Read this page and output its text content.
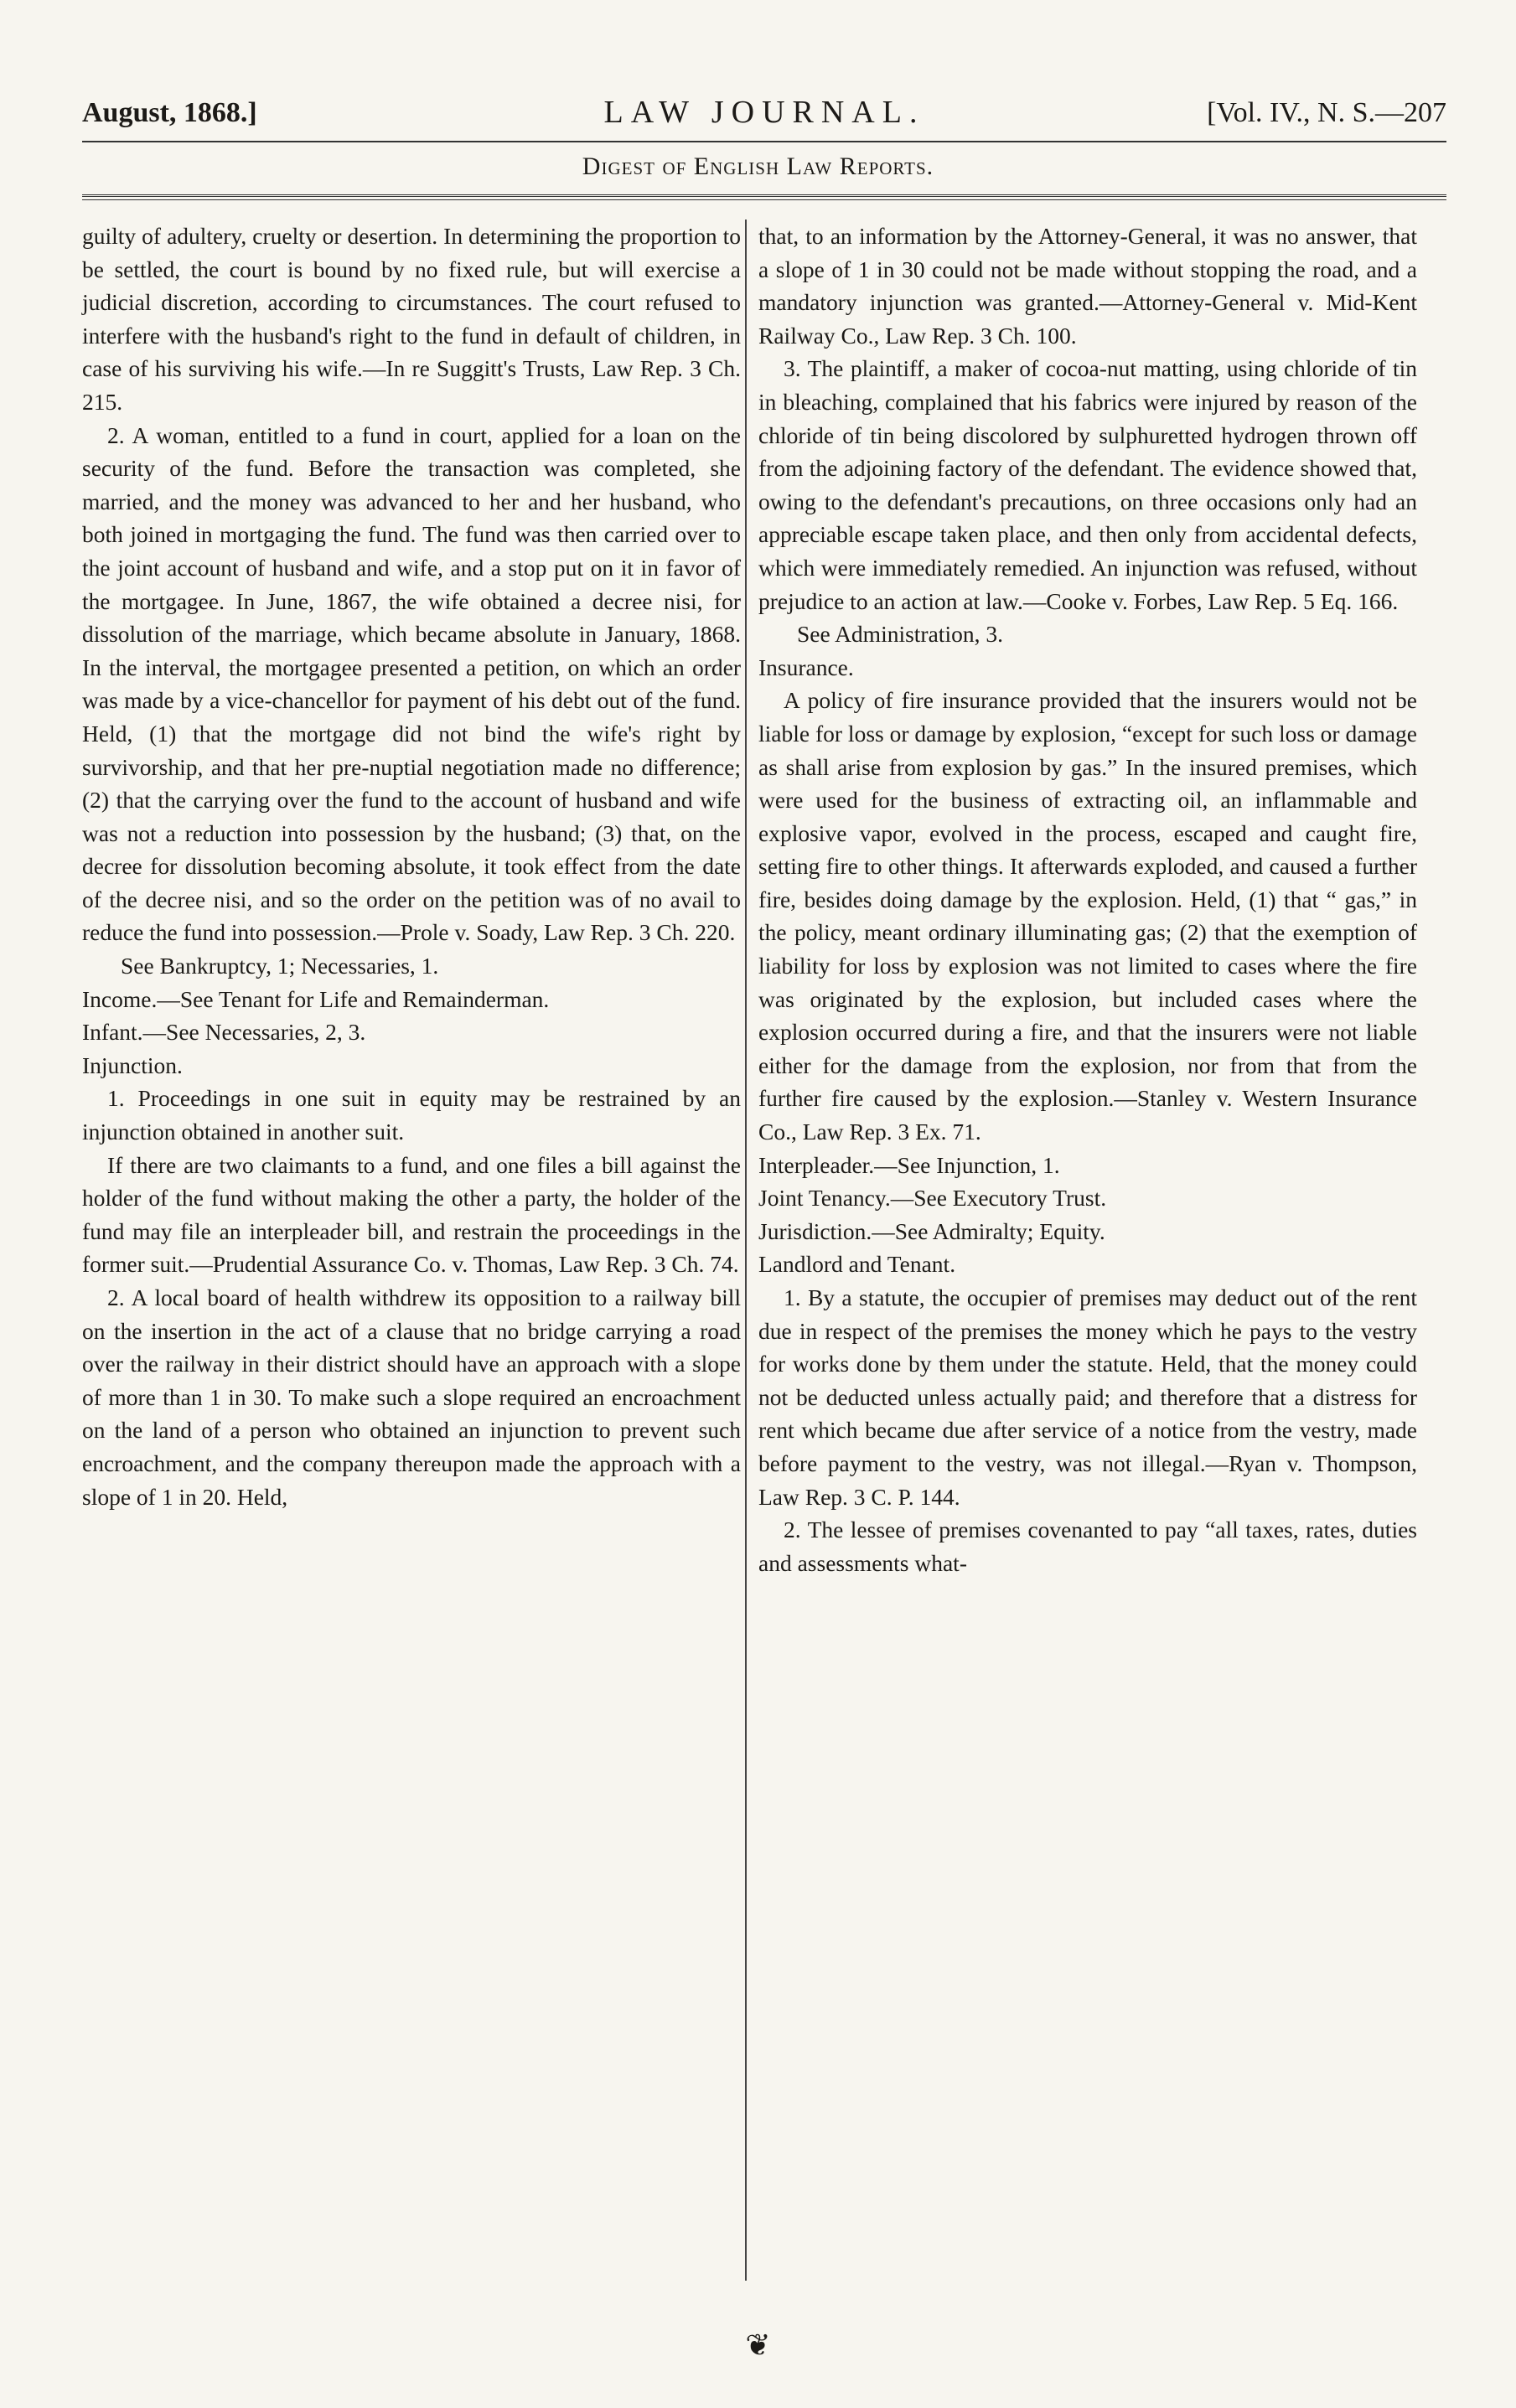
August, 1868.]	LAW JOURNAL.	[Vol. IV., N. S.—207
Digest of English Law Reports.

guilty of adultery, cruelty or desertion. In determining the proportion to be settled, the court is bound by no fixed rule, but will exercise a judicial discretion, according to circumstances. The court refused to interfere with the husband's right to the fund in default of children, in case of his surviving his wife.—In re Suggitt's Trusts, Law Rep. 3 Ch. 215.

2. A woman, entitled to a fund in court, applied for a loan on the security of the fund. Before the transaction was completed, she married, and the money was advanced to her and her husband, who both joined in mortgaging the fund. The fund was then carried over to the joint account of husband and wife, and a stop put on it in favor of the mortgagee. In June, 1867, the wife obtained a decree nisi, for dissolution of the marriage, which became absolute in January, 1868. In the interval, the mortgagee presented a petition, on which an order was made by a vice-chancellor for payment of his debt out of the fund. Held, (1) that the mortgage did not bind the wife's right by survivorship, and that her pre-nuptial negotiation made no difference; (2) that the carrying over the fund to the account of husband and wife was not a reduction into possession by the husband; (3) that, on the decree for dissolution becoming absolute, it took effect from the date of the decree nisi, and so the order on the petition was of no avail to reduce the fund into possession.—Prole v. Soady, Law Rep. 3 Ch. 220.

See Bankruptcy, 1; Necessaries, 1.

Income.—See Tenant for Life and Remainderman.

Infant.—See Necessaries, 2, 3.

Injunction.

1. Proceedings in one suit in equity may be restrained by an injunction obtained in another suit.

If there are two claimants to a fund, and one files a bill against the holder of the fund without making the other a party, the holder of the fund may file an interpleader bill, and restrain the proceedings in the former suit.—Prudential Assurance Co. v. Thomas, Law Rep. 3 Ch. 74.

2. A local board of health withdrew its opposition to a railway bill on the insertion in the act of a clause that no bridge carrying a road over the railway in their district should have an approach with a slope of more than 1 in 30. To make such a slope required an encroachment on the land of a person who obtained an injunction to prevent such encroachment, and the company thereupon made the approach with a slope of 1 in 20. Held,

that, to an information by the Attorney-General, it was no answer, that a slope of 1 in 30 could not be made without stopping the road, and a mandatory injunction was granted.—Attorney-General v. Mid-Kent Railway Co., Law Rep. 3 Ch. 100.

3. The plaintiff, a maker of cocoa-nut matting, using chloride of tin in bleaching, complained that his fabrics were injured by reason of the chloride of tin being discolored by sulphuretted hydrogen thrown off from the adjoining factory of the defendant. The evidence showed that, owing to the defendant's precautions, on three occasions only had an appreciable escape taken place, and then only from accidental defects, which were immediately remedied. An injunction was refused, without prejudice to an action at law.—Cooke v. Forbes, Law Rep. 5 Eq. 166.

See Administration, 3.

Insurance.

A policy of fire insurance provided that the insurers would not be liable for loss or damage by explosion, “except for such loss or damage as shall arise from explosion by gas.” In the insured premises, which were used for the business of extracting oil, an inflammable and explosive vapor, evolved in the process, escaped and caught fire, setting fire to other things. It afterwards exploded, and caused a further fire, besides doing damage by the explosion. Held, (1) that “ gas,” in the policy, meant ordinary illuminating gas; (2) that the exemption of liability for loss by explosion was not limited to cases where the fire was originated by the explosion, but included cases where the explosion occurred during a fire, and that the insurers were not liable either for the damage from the explosion, nor from that from the further fire caused by the explosion.—Stanley v. Western Insurance Co., Law Rep. 3 Ex. 71.

Interpleader.—See Injunction, 1.

Joint Tenancy.—See Executory Trust.

Jurisdiction.—See Admiralty; Equity.

Landlord and Tenant.

1. By a statute, the occupier of premises may deduct out of the rent due in respect of the premises the money which he pays to the vestry for works done by them under the statute. Held, that the money could not be deducted unless actually paid; and therefore that a distress for rent which became due after service of a notice from the vestry, made before payment to the vestry, was not illegal.—Ryan v. Thompson, Law Rep. 3 C. P. 144.

2. The lessee of premises covenanted to pay “all taxes, rates, duties and assessments what-

❦
